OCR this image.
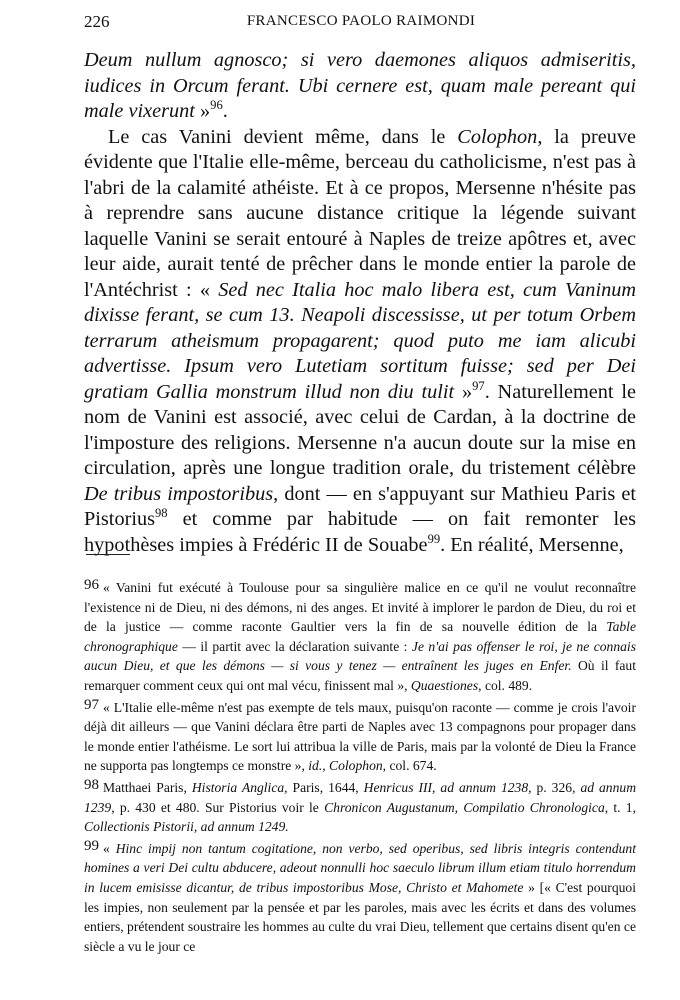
226	FRANCESCO PAOLO RAIMONDI

Deum nullum agnosco; si vero daemones aliquos admiseritis, iudices in Orcum ferant. Ubi cernere est, quam male pereant qui male vixerunt »$^{96}$.

Le cas Vanini devient même, dans le Colophon, la preuve évidente que l'Italie elle-même, berceau du catholicisme, n'est pas à l'abri de la calamité athéiste. Et à ce propos, Mersenne n'hésite pas à reprendre sans aucune distance critique la légende suivant laquelle Vanini se serait entouré à Naples de treize apôtres et, avec leur aide, aurait tenté de prêcher dans le monde entier la parole de l'Antéchrist : « Sed nec Italia hoc malo libera est, cum Vaninum dixisse ferant, se cum 13. Neapoli discessisse, ut per totum Orbem terrarum atheismum propagarent; quod puto me iam alicubi advertisse. Ipsum vero Lutetiam sortitum fuisse; sed per Dei gratiam Gallia monstrum illud non diu tulit »$^{97}$. Naturellement le nom de Vanini est associé, avec celui de Cardan, à la doctrine de l'imposture des religions. Mersenne n'a aucun doute sur la mise en circulation, après une longue tradition orale, du tristement célèbre De tribus impostoribus, dont — en s'appuyant sur Mathieu Paris et Pistorius$^{98}$ et comme par habitude — on fait remonter les hypothèses impies à Frédéric II de Souabe$^{99}$. En réalité, Mersenne,

96 « Vanini fut exécuté à Toulouse pour sa singulière malice en ce qu'il ne voulut reconnaître l'existence ni de Dieu, ni des démons, ni des anges. Et invité à implorer le pardon de Dieu, du roi et de la justice — comme raconte Gaultier vers la fin de sa nouvelle édition de la Table chronographique — il partit avec la déclaration suivante : Je n'ai pas offenser le roi, je ne connais aucun Dieu, et que les démons — si vous y tenez — entraînent les juges en Enfer. Où il faut remarquer comment ceux qui ont mal vécu, finissent mal », Quaestiones, col. 489.

97 « L'Italie elle-même n'est pas exempte de tels maux, puisqu'on raconte — comme je crois l'avoir déjà dit ailleurs — que Vanini déclara être parti de Naples avec 13 compagnons pour propager dans le monde entier l'athéisme. Le sort lui attribua la ville de Paris, mais par la volonté de Dieu la France ne supporta pas longtemps ce monstre », id., Colophon, col. 674.

98 Matthaei Paris, Historia Anglica, Paris, 1644, Henricus III, ad annum 1238, p. 326, ad annum 1239, p. 430 et 480. Sur Pistorius voir le Chronicon Augustanum, Compilatio Chronologica, t. 1, Collectionis Pistorii, ad annum 1249.

99 « Hinc impij non tantum cogitatione, non verbo, sed operibus, sed libris integris contendunt homines a veri Dei cultu abducere, adeout nonnulli hoc saeculo librum illum etiam titulo horrendum in lucem emisisse dicantur, de tribus impostoribus Mose, Christo et Mahomete » [« C'est pourquoi les impies, non seulement par la pensée et par les paroles, mais avec les écrits et dans des volumes entiers, prétendent soustraire les hommes au culte du vrai Dieu, tellement que certains disent qu'en ce siècle a vu le jour ce
